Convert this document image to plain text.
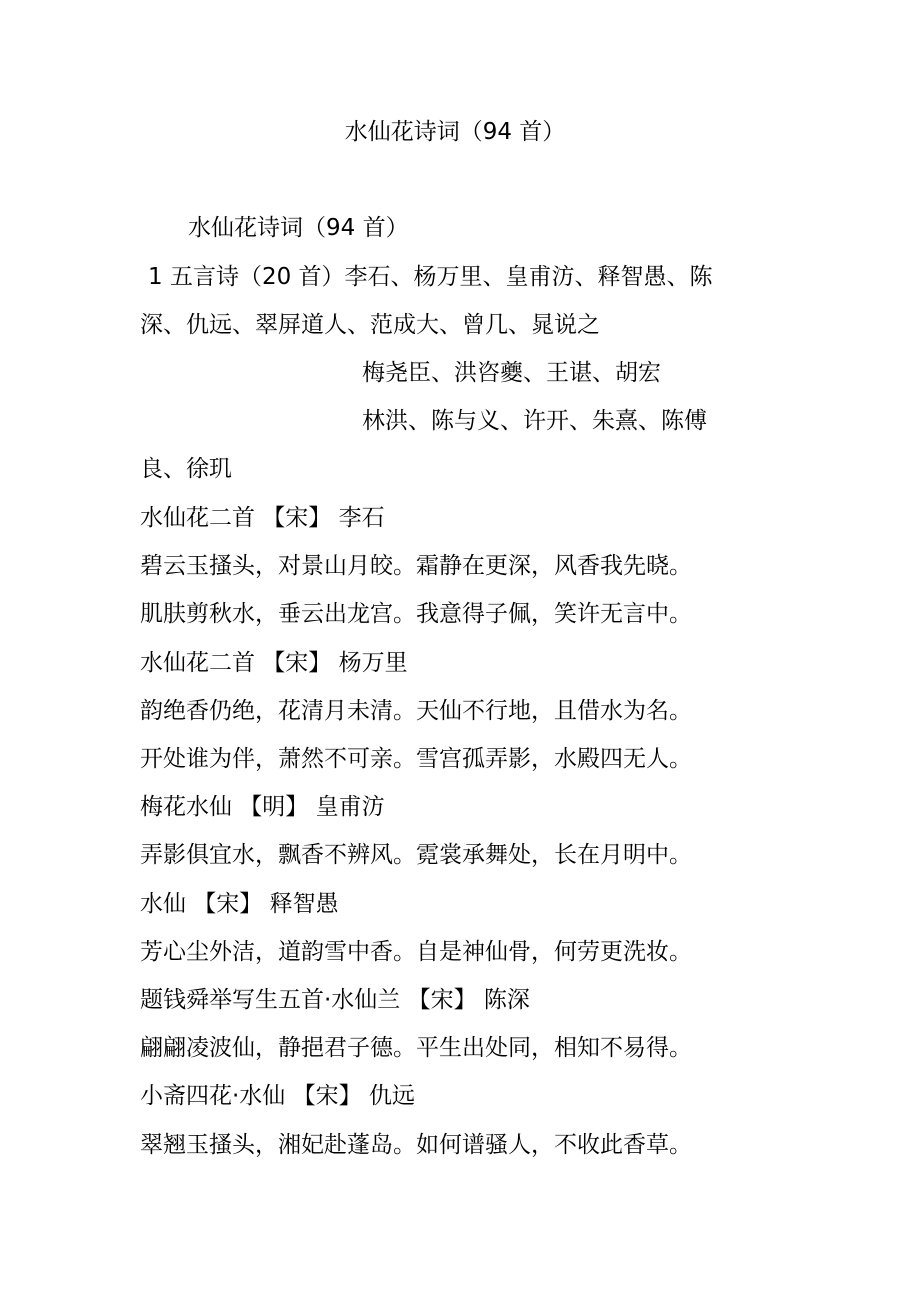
水仙花诗词（94 首）
水仙花诗词（94 首）
1 五言诗（20 首）李石、杨万里、皇甫汸、释智愚、陈
深、仇远、翠屏道人、范成大、曾几、晁说之
梅尧臣、洪咨夔、王谌、胡宏
林洪、陈与义、许开、朱熹、陈傅
良、徐玑
水仙花二首 【宋】 李石
碧云玉搔头，对景山月皎。霜静在更深，风香我先晓。
肌肤剪秋水，垂云出龙宫。我意得子佩，笑许无言中。
水仙花二首 【宋】 杨万里
韵绝香仍绝，花清月未清。天仙不行地，且借水为名。
开处谁为伴，萧然不可亲。雪宫孤弄影，水殿四无人。
梅花水仙 【明】 皇甫汸
弄影俱宜水，飘香不辨风。霓裳承舞处，长在月明中。
水仙 【宋】 释智愚
芳心尘外洁，道韵雪中香。自是神仙骨，何劳更洗妆。
题钱舜举写生五首·水仙兰 【宋】 陈深
翩翩凌波仙，静挹君子德。平生出处同，相知不易得。
小斋四花·水仙 【宋】 仇远
翠翘玉搔头，湘妃赴蓬岛。如何谱骚人，不收此香草。
